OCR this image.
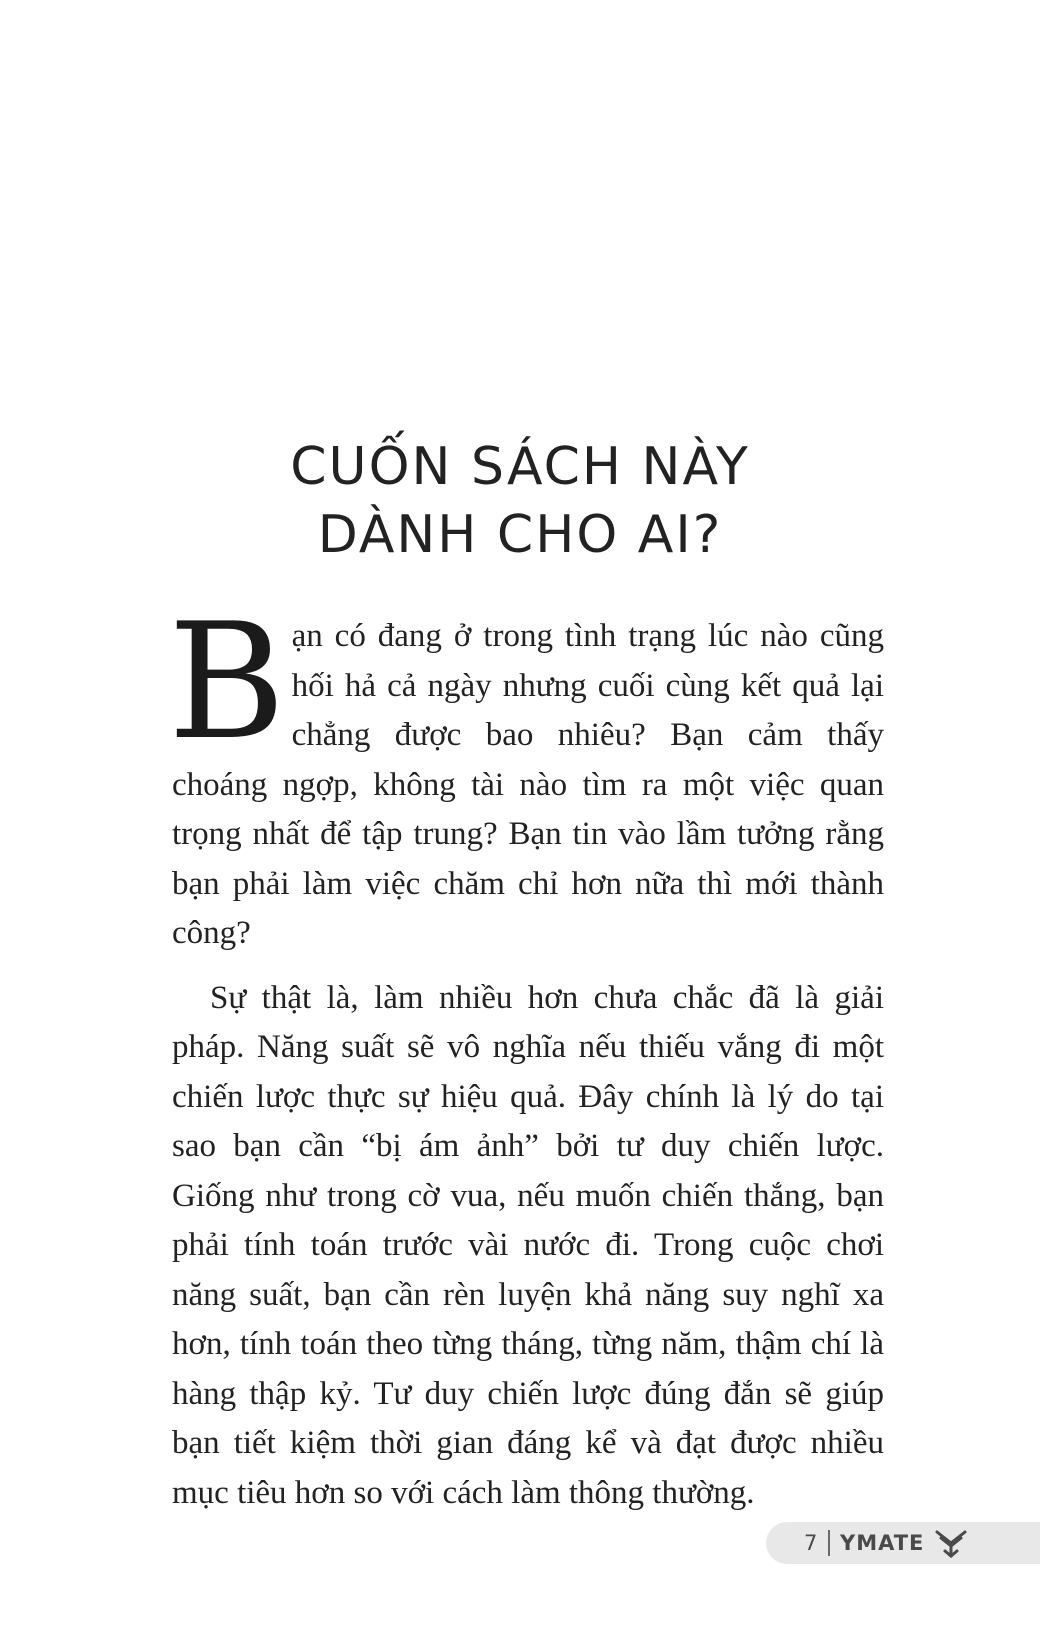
CUỐN SÁCH NÀY
DÀNH CHO AI?

Bạn có đang ở trong tình trạng lúc nào cũng hối hả cả ngày nhưng cuối cùng kết quả lại chẳng được bao nhiêu? Bạn cảm thấy choáng ngợp, không tài nào tìm ra một việc quan trọng nhất để tập trung? Bạn tin vào lầm tưởng rằng bạn phải làm việc chăm chỉ hơn nữa thì mới thành công?

Sự thật là, làm nhiều hơn chưa chắc đã là giải pháp. Năng suất sẽ vô nghĩa nếu thiếu vắng đi một chiến lược thực sự hiệu quả. Đây chính là lý do tại sao bạn cần “bị ám ảnh” bởi tư duy chiến lược. Giống như trong cờ vua, nếu muốn chiến thắng, bạn phải tính toán trước vài nước đi. Trong cuộc chơi năng suất, bạn cần rèn luyện khả năng suy nghĩ xa hơn, tính toán theo từng tháng, từng năm, thậm chí là hàng thập kỷ. Tư duy chiến lược đúng đắn sẽ giúp bạn tiết kiệm thời gian đáng kể và đạt được nhiều mục tiêu hơn so với cách làm thông thường.

7 YMATE
